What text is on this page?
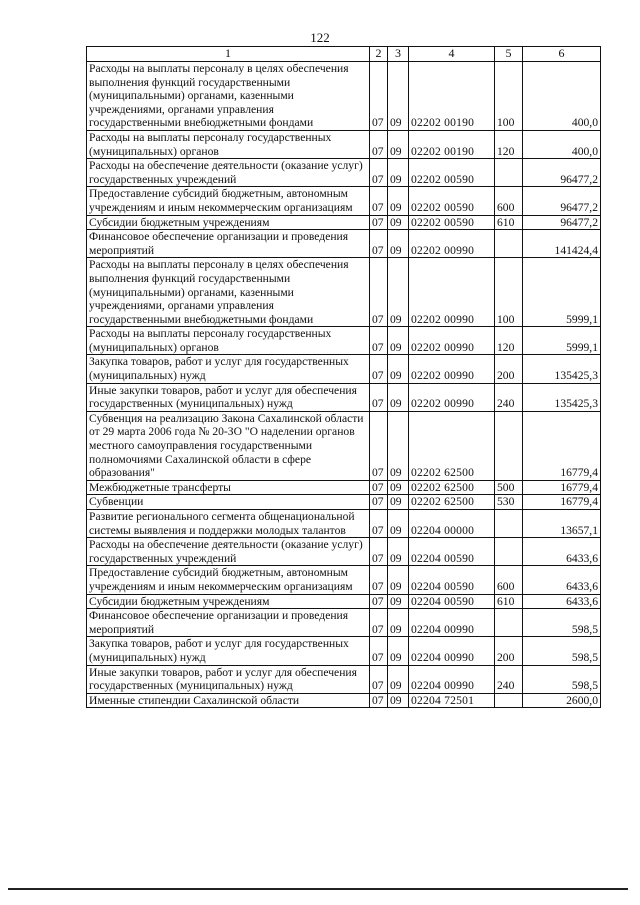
122
1	2	3	4	5	6
Расходы на выплаты персоналу в целях обеспечения выполнения функций государственными (муниципальными) органами, казенными учреждениями, органами управления государственными внебюджетными фондами	07	09	02202 00190	100	400,0
Расходы на выплаты персоналу государственных (муниципальных) органов	07	09	02202 00190	120	400,0
Расходы на обеспечение деятельности (оказание услуг) государственных учреждений	07	09	02202 00590		96477,2
Предоставление субсидий бюджетным, автономным учреждениям и иным некоммерческим организациям	07	09	02202 00590	600	96477,2
Субсидии бюджетным учреждениям	07	09	02202 00590	610	96477,2
Финансовое обеспечение организации и проведения мероприятий	07	09	02202 00990		141424,4
Расходы на выплаты персоналу в целях обеспечения выполнения функций государственными (муниципальными) органами, казенными учреждениями, органами управления государственными внебюджетными фондами	07	09	02202 00990	100	5999,1
Расходы на выплаты персоналу государственных (муниципальных) органов	07	09	02202 00990	120	5999,1
Закупка товаров, работ и услуг для государственных (муниципальных) нужд	07	09	02202 00990	200	135425,3
Иные закупки товаров, работ и услуг для обеспечения государственных (муниципальных) нужд	07	09	02202 00990	240	135425,3
Субвенция на реализацию Закона Сахалинской области от 29 марта 2006 года № 20-ЗО "О наделении органов местного самоуправления государственными полномочиями Сахалинской области в сфере образования"	07	09	02202 62500		16779,4
Межбюджетные трансферты	07	09	02202 62500	500	16779,4
Субвенции	07	09	02202 62500	530	16779,4
Развитие регионального сегмента общенациональной системы выявления и поддержки молодых талантов	07	09	02204 00000		13657,1
Расходы на обеспечение деятельности (оказание услуг) государственных учреждений	07	09	02204 00590		6433,6
Предоставление субсидий бюджетным, автономным учреждениям и иным некоммерческим организациям	07	09	02204 00590	600	6433,6
Субсидии бюджетным учреждениям	07	09	02204 00590	610	6433,6
Финансовое обеспечение организации и проведения мероприятий	07	09	02204 00990		598,5
Закупка товаров, работ и услуг для государственных (муниципальных) нужд	07	09	02204 00990	200	598,5
Иные закупки товаров, работ и услуг для обеспечения государственных (муниципальных) нужд	07	09	02204 00990	240	598,5
Именные стипендии Сахалинской области	07	09	02204 72501		2600,0
